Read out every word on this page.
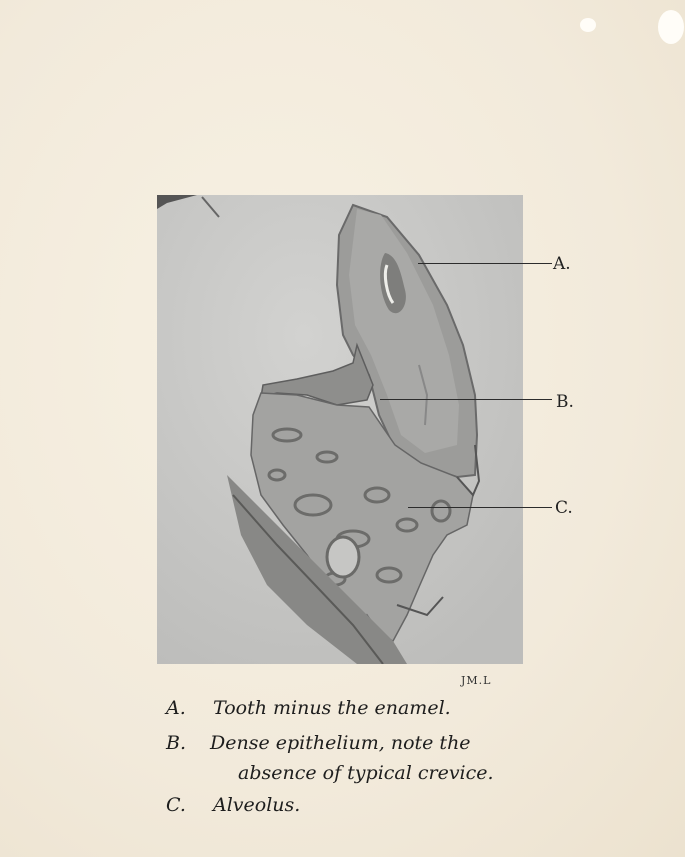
A.
B.
C.
JM.L
A. Tooth minus the enamel.
B. Dense epithelium, note the
absence of typical crevice.
C. Alveolus.
